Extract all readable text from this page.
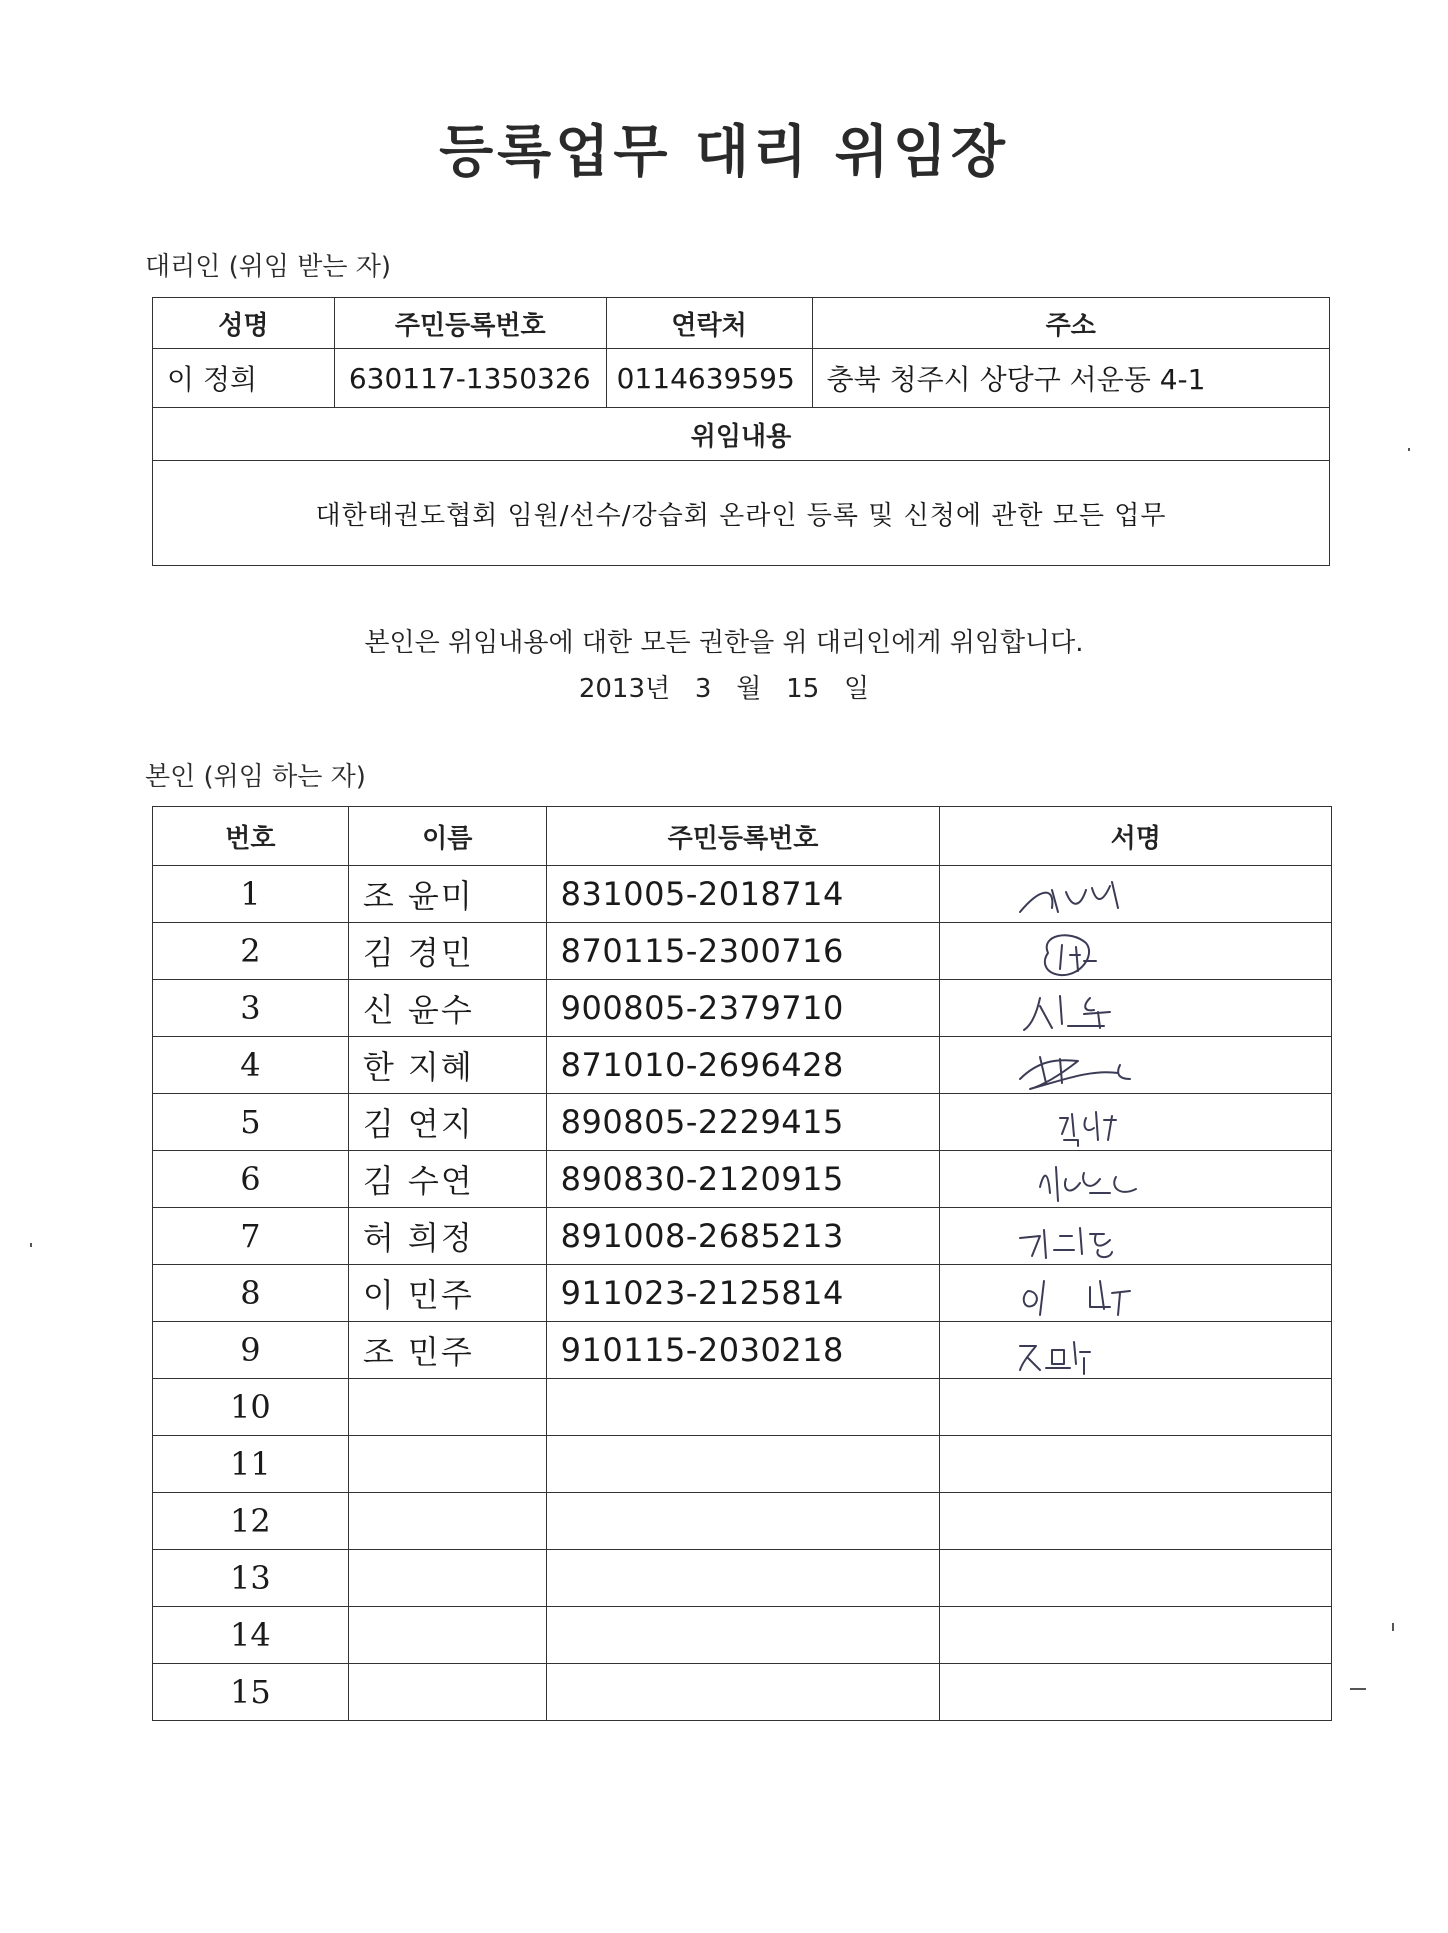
등록업무 대리 위임장
대리인 (위임 받는 자)
성명	주민등록번호	연락처	주소
이 정희	630117-1350326	0114639595	충북 청주시 상당구 서운동 4-1
위임내용			
대한태권도협회 임원/선수/강습회 온라인 등록 및 신청에 관한 모든 업무			
본인은 위임내용에 대한 모든 권한을 위 대리인에게 위임합니다.
2013년   3   월   15   일
본인 (위임 하는 자)
번호	이름	주민등록번호	서명
1	조 윤미	831005-2018714	

2	김 경민	870115-2300716	

3	신 윤수	900805-2379710	

4	한 지혜	871010-2696428	

5	김 연지	890805-2229415	

6	김 수연	890830-2120915	

7	허 희정	891008-2685213	

8	이 민주	911023-2125814	

9	조 민주	910115-2030218	

10			
11			
12			
13			
14			
15			
